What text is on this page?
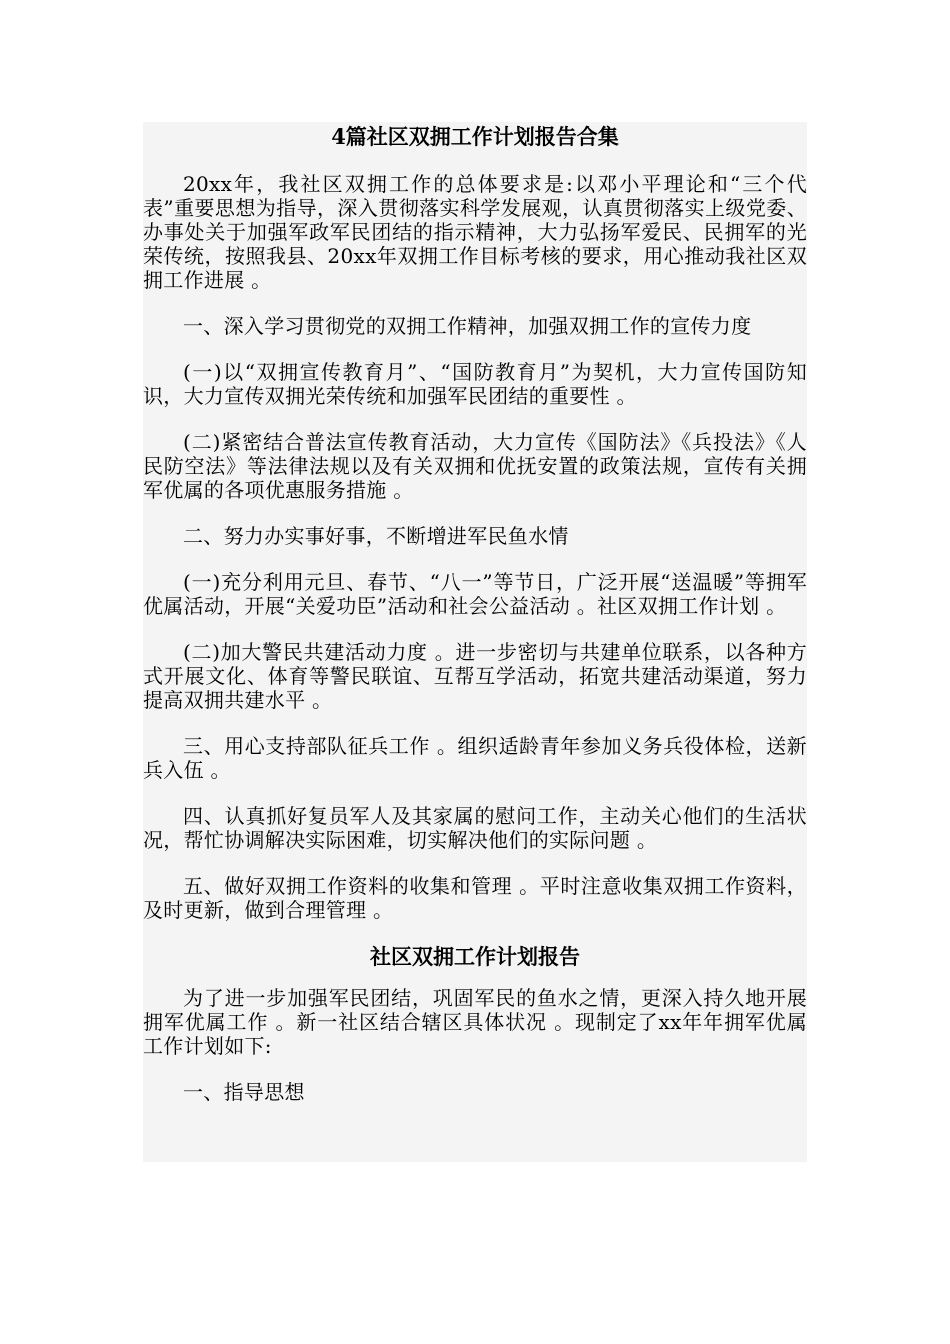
4篇社区双拥工作计划报告合集

20xx年，我社区双拥工作的总体要求是:以邓小平理论和“三个代表”重要思想为指导，深入贯彻落实科学发展观，认真贯彻落实上级党委、办事处关于加强军政军民团结的指示精神，大力弘扬军爱民、民拥军的光荣传统，按照我县、20xx年双拥工作目标考核的要求，用心推动我社区双拥工作进展 。

一、深入学习贯彻党的双拥工作精神，加强双拥工作的宣传力度

(一)以“双拥宣传教育月”、“国防教育月”为契机，大力宣传国防知识，大力宣传双拥光荣传统和加强军民团结的重要性 。

(二)紧密结合普法宣传教育活动，大力宣传《国防法》《兵投法》《人民防空法》等法律法规以及有关双拥和优抚安置的政策法规，宣传有关拥军优属的各项优惠服务措施 。

二、努力办实事好事，不断增进军民鱼水情

(一)充分利用元旦、春节、“八一”等节日，广泛开展“送温暖”等拥军优属活动，开展“关爱功臣”活动和社会公益活动 。社区双拥工作计划 。

(二)加大警民共建活动力度 。进一步密切与共建单位联系，以各种方式开展文化、体育等警民联谊、互帮互学活动，拓宽共建活动渠道，努力提高双拥共建水平 。

三、用心支持部队征兵工作 。组织适龄青年参加义务兵役体检，送新兵入伍 。

四、认真抓好复员军人及其家属的慰问工作，主动关心他们的生活状况，帮忙协调解决实际困难，切实解决他们的实际问题 。

五、做好双拥工作资料的收集和管理 。平时注意收集双拥工作资料，及时更新，做到合理管理 。

社区双拥工作计划报告

为了进一步加强军民团结，巩固军民的鱼水之情，更深入持久地开展拥军优属工作 。新一社区结合辖区具体状况 。现制定了xx年年拥军优属工作计划如下:

一、指导思想
